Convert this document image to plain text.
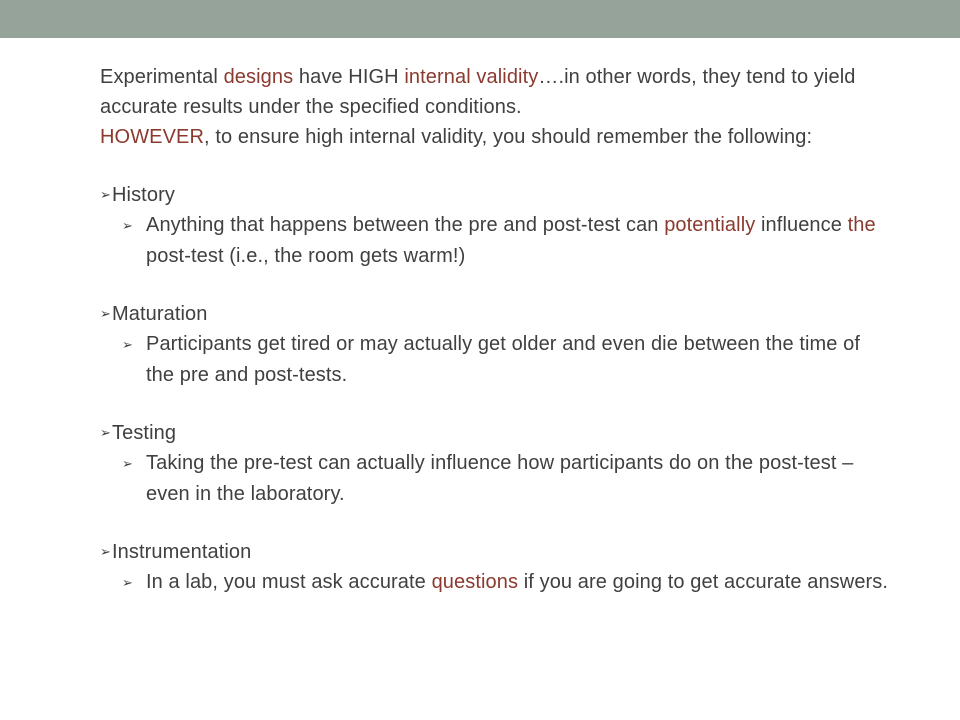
Experimental designs have HIGH internal validity….in other words, they tend to yield accurate results under the specified conditions.

HOWEVER, to ensure high internal validity, you should remember the following:

➢ History

➢ Anything that happens between the pre and post-test can potentially influence the post-test (i.e., the room gets warm!)

➢ Maturation

➢ Participants get tired or may actually get older and even die between the time of the pre and post-tests.

➢ Testing

➢ Taking the pre-test can actually influence how participants do on the post-test – even in the laboratory.

➢ Instrumentation

➢ In a lab, you must ask accurate questions if you are going to get accurate answers.
